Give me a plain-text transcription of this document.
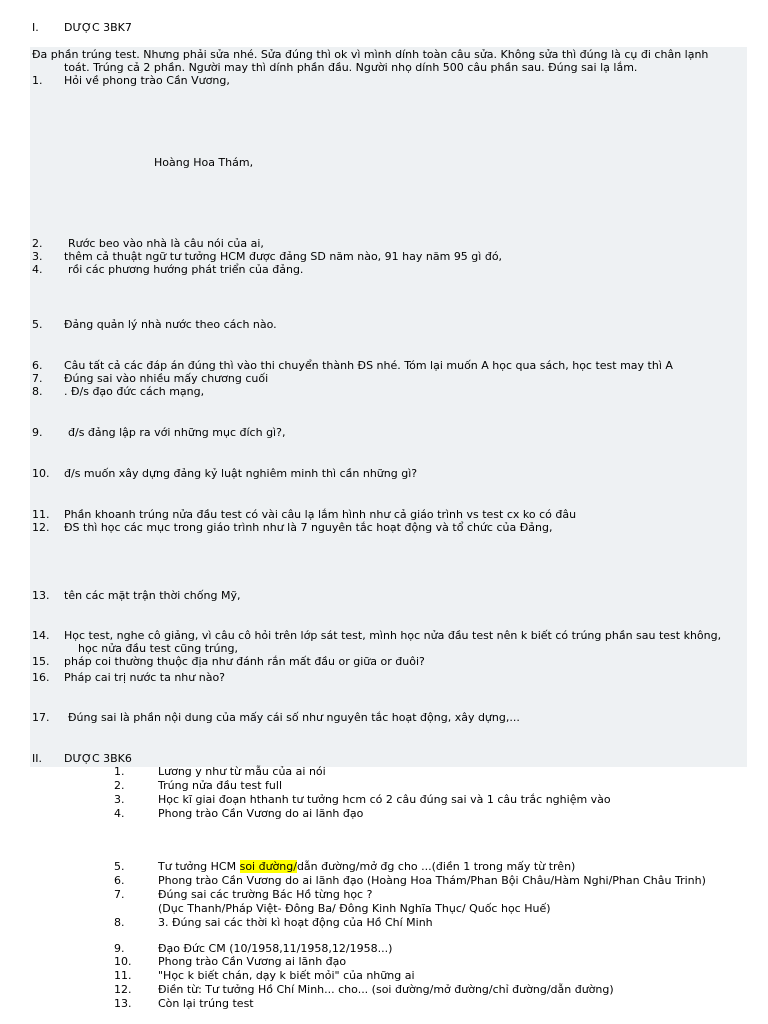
I. DƯỢC 3BK7
Đa phần trúng test. Nhưng phải sửa nhé. Sửa đúng thì ok vì mình dính toàn câu sửa. Không sửa thì đúng là cụ đi chân lạnh
toát. Trúng cả 2 phần. Người may thì dính phần đầu. Người nhọ dính 500 câu phần sau. Đúng sai lạ lắm.
1. Hỏi về phong trào Cần Vương,
Hoàng Hoa Thám,
2. Rước beo vào nhà là câu nói của ai,
3. thêm cả thuật ngữ tư tưởng HCM được đảng SD năm nào, 91 hay năm 95 gì đó,
4. rồi các phương hướng phát triển của đảng.
5. Đảng quản lý nhà nước theo cách nào.
6. Câu tất cả các đáp án đúng thì vào thi chuyển thành ĐS nhé. Tóm lại muốn A học qua sách, học test may thì A
7. Đúng sai vào nhiều mấy chương cuối
8. . Đ/s đạo đức cách mạng,
9. đ/s đảng lập ra với những mục đích gì?,
10. đ/s muốn xây dựng đảng kỷ luật nghiêm minh thì cần những gì?
11. Phần khoanh trúng nửa đầu test có vài câu lạ lắm hình như cả giáo trình vs test cx ko có đâu
12. ĐS thì học các mục trong giáo trình như là 7 nguyên tắc hoạt động và tổ chức của Đảng,
13. tên các mặt trận thời chống Mỹ,
14. Học test, nghe cô giảng, vì câu cô hỏi trên lớp sát test, mình học nửa đầu test nên k biết có trúng phần sau test không,
học nửa đầu test cũng trúng,
15. pháp coi thường thuộc địa như đánh rắn mất đầu or giữa or đuôi?
16. Pháp cai trị nước ta như nào?
17. Đúng sai là phần nội dung của mấy cái số như nguyên tắc hoạt động, xây dựng,...
II. DƯỢC 3BK6
1.	Lương y như từ mẫu của ai nói
2.	Trúng nửa đầu test full
3.	Học kĩ giai đoạn hthanh tư tưởng hcm có 2 câu đúng sai và 1 câu trắc nghiệm vào
4.	Phong trào Cần Vương do ai lãnh đạo
5.	Tư tưởng HCM soi đường/dẫn đường/mở đg cho ...(điền 1 trong mấy từ trên)
6.	Phong trào Cần Vương do ai lãnh đạo (Hoàng Hoa Thám/Phan Bội Châu/Hàm Nghi/Phan Châu Trinh)
7.	Đúng sai các trường Bác Hồ từng học ?
(Dục Thanh/Pháp Việt- Đông Ba/ Đông Kinh Nghĩa Thục/ Quốc học Huế)
8.	3. Đúng sai các thời kì hoạt động của Hồ Chí Minh
9.	Đạo Đức CM (10/1958,11/1958,12/1958...)
10. Phong trào Cần Vương ai lãnh đạo
11. "Học k biết chán, dạy k biết mỏi" của những ai
12. Điền từ: Tư tưởng Hồ Chí Minh... cho... (soi đường/mở đường/chỉ đường/dẫn đường)
13. Còn lại trúng test
